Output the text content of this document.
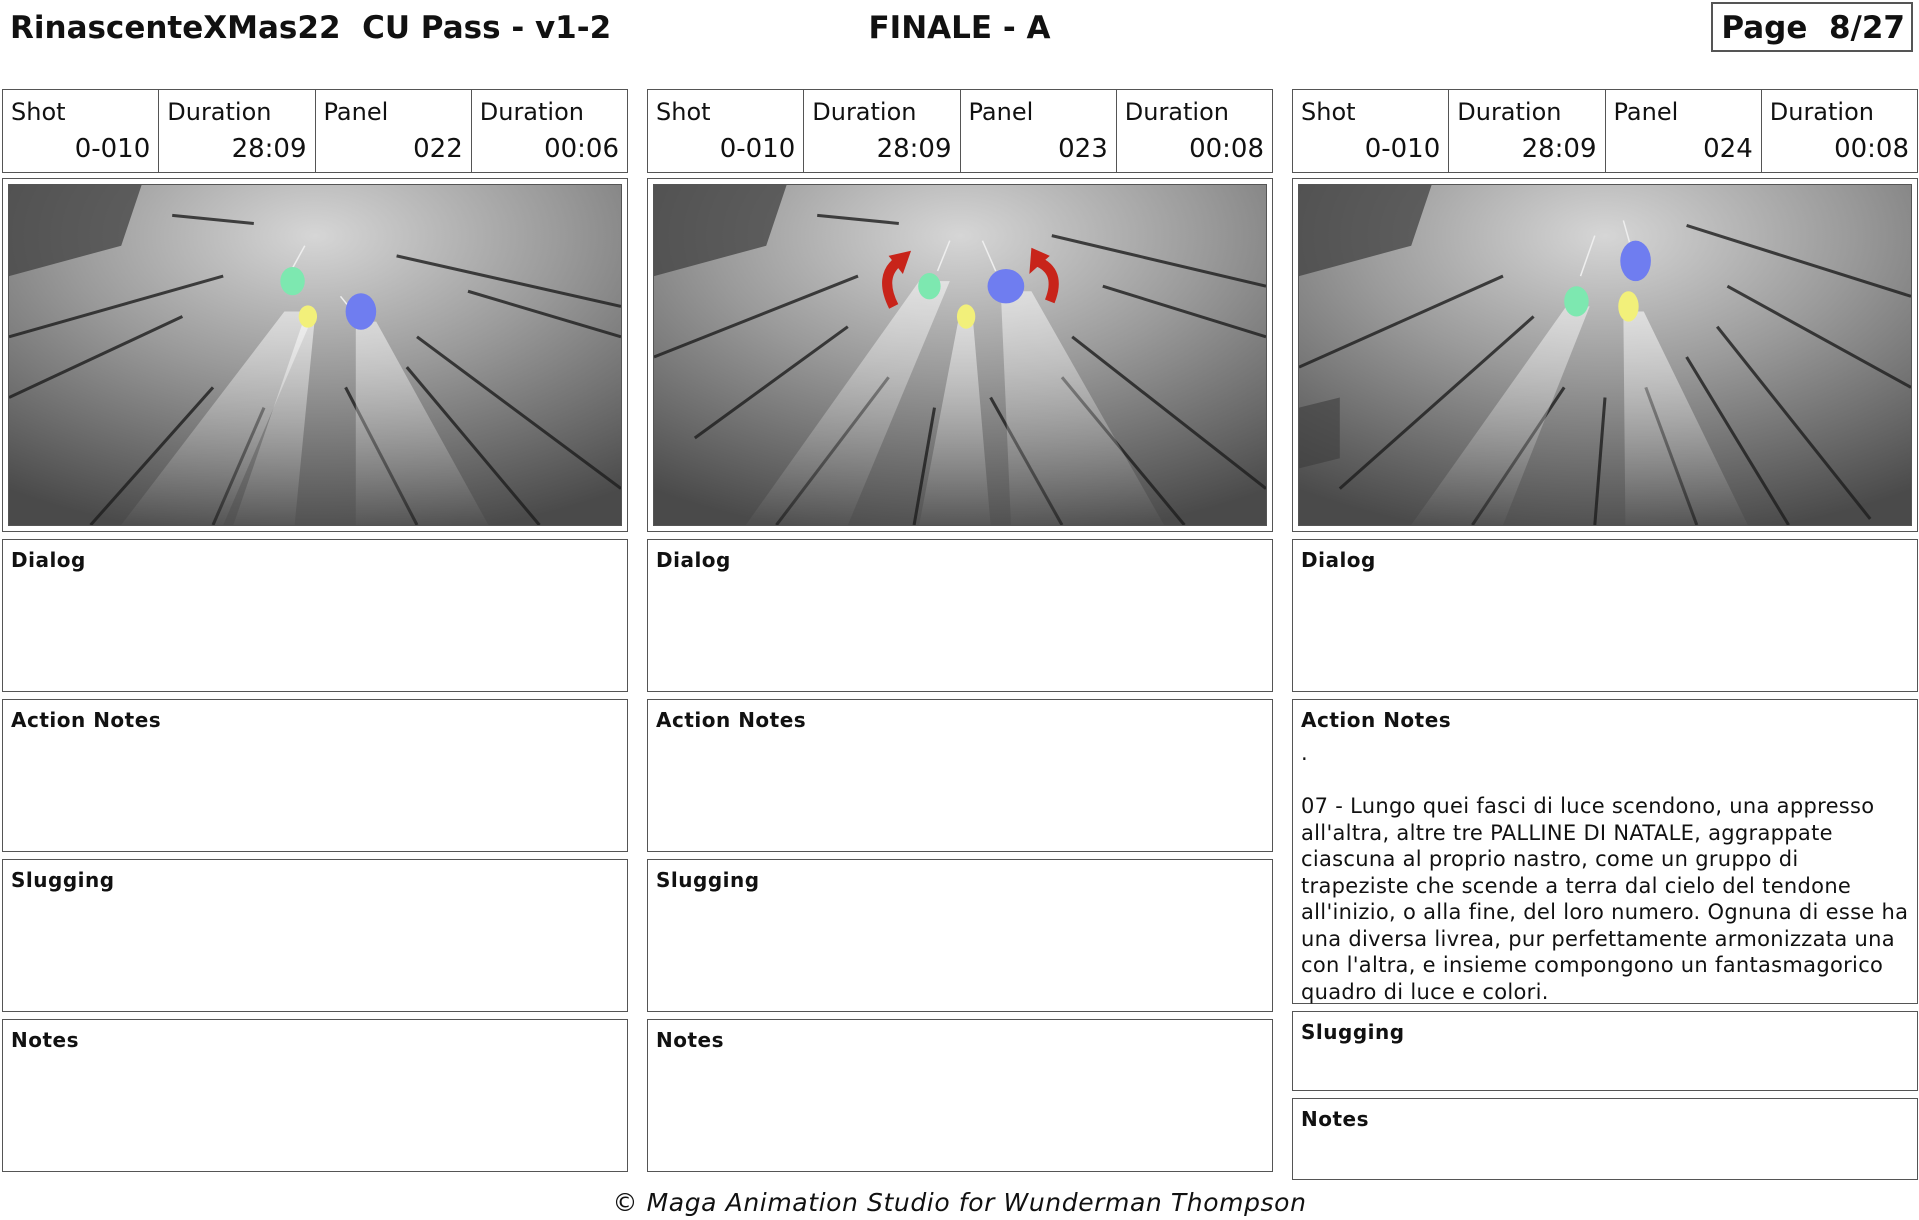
RinascenteXMas22  CU Pass - v1-2	FINALE - A	Page  8/27
Shot
0-010
Duration
28:09
Panel
022
Duration
00:06
Dialog
Action Notes
Slugging
Notes
Shot
0-010
Duration
28:09
Panel
023
Duration
00:08
Dialog
Action Notes
Slugging
Notes
Shot
0-010
Duration
28:09
Panel
024
Duration
00:08
Dialog
Action Notes
.

07 - Lungo quei fasci di luce scendono, una appresso all'altra, altre tre PALLINE DI NATALE, aggrappate ciascuna al proprio nastro, come un gruppo di trapeziste che scende a terra dal cielo del tendone all'inizio, o alla fine, del loro numero. Ognuna di esse ha una diversa livrea, pur perfettamente armonizzata una con l'altra, e insieme compongono un fantasmagorico quadro di luce e colori.
Slugging
Notes
© Maga Animation Studio for Wunderman Thompson
